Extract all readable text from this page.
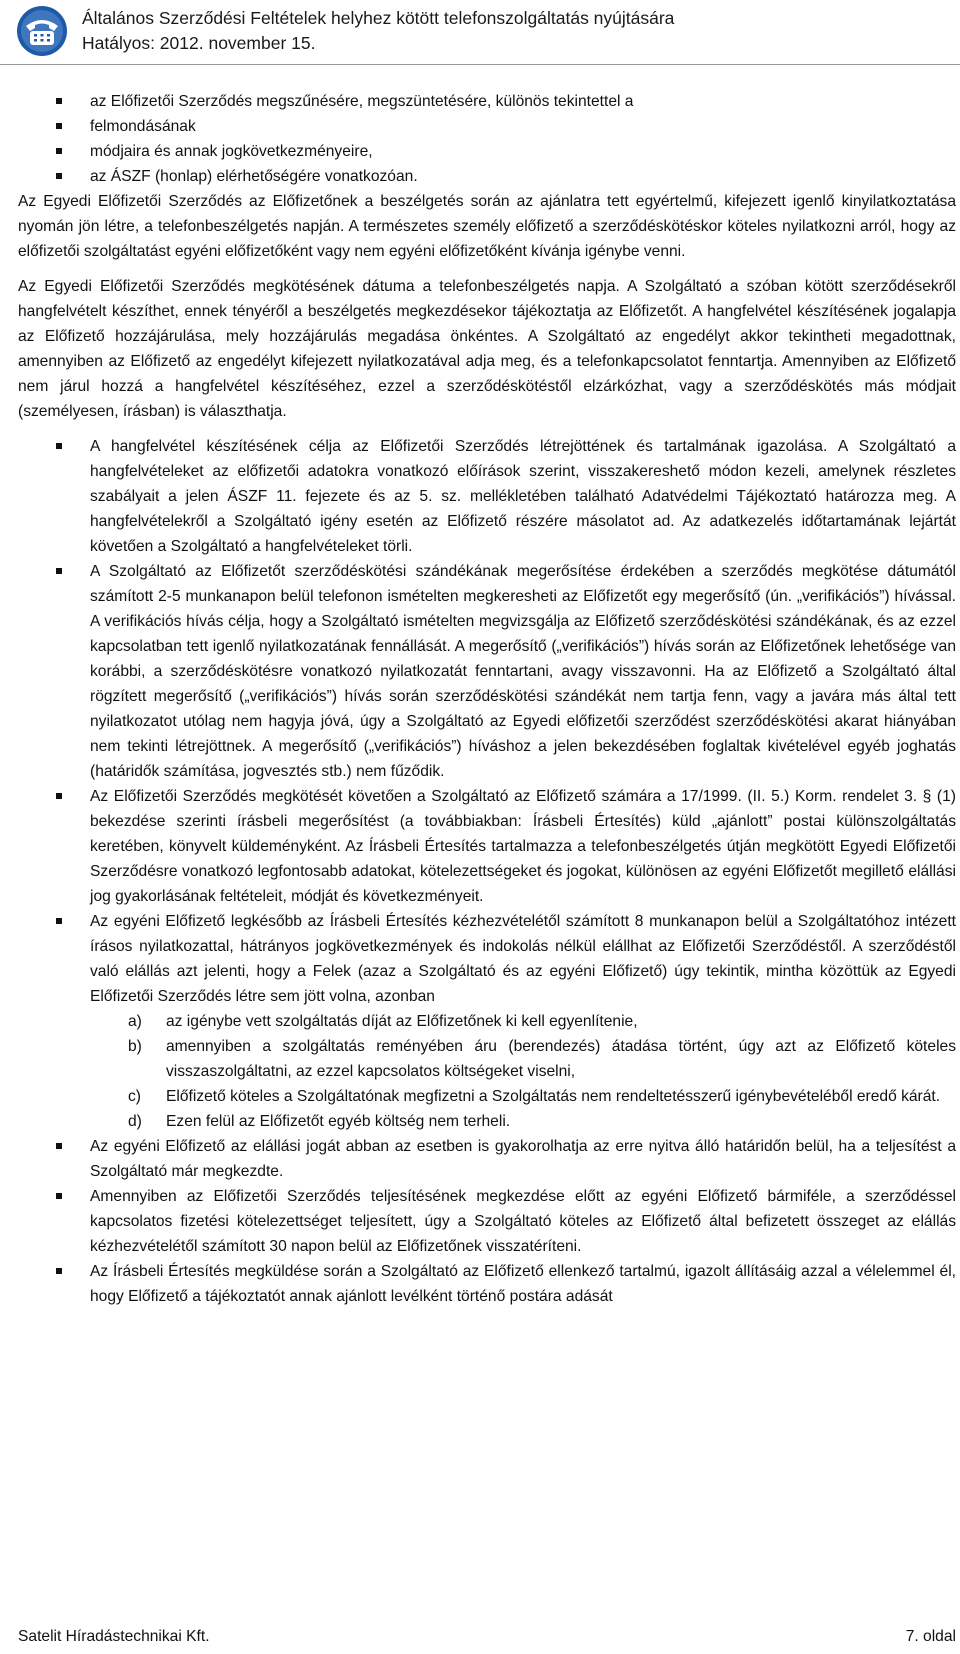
Általános Szerződési Feltételek helyhez kötött telefonszolgáltatás nyújtására
Hatályos: 2012. november 15.
az Előfizetői Szerződés megszűnésére, megszüntetésére, különös tekintettel a
felmondásának
módjaira és annak jogkövetkezményeire,
az ÁSZF (honlap) elérhetőségére vonatkozóan.

Az Egyedi Előfizetői Szerződés az Előfizetőnek a beszélgetés során az ajánlatra tett egyértelmű, kifejezett igenlő kinyilatkoztatása nyomán jön létre, a telefonbeszélgetés napján. A természetes személy előfizető a szerződéskötéskor köteles nyilatkozni arról, hogy az előfizetői szolgáltatást egyéni előfizetőként vagy nem egyéni előfizetőként kívánja igénybe venni.

Az Egyedi Előfizetői Szerződés megkötésének dátuma a telefonbeszélgetés napja. A Szolgáltató a szóban kötött szerződésekről hangfelvételt készíthet, ennek tényéről a beszélgetés megkezdésekor tájékoztatja az Előfizetőt. A hangfelvétel készítésének jogalapja az Előfizető hozzájárulása, mely hozzájárulás megadása önkéntes. A Szolgáltató az engedélyt akkor tekintheti megadottnak, amennyiben az Előfizető az engedélyt kifejezett nyilatkozatával adja meg, és a telefonkapcsolatot fenntartja. Amennyiben az Előfizető nem járul hozzá a hangfelvétel készítéséhez, ezzel a szerződéskötéstől elzárkózhat, vagy a szerződéskötés más módjait (személyesen, írásban) is választhatja.

A hangfelvétel készítésének célja az Előfizetői Szerződés létrejöttének és tartalmának igazolása. A Szolgáltató a hangfelvételeket az előfizetői adatokra vonatkozó előírások szerint, visszakereshető módon kezeli, amelynek részletes szabályait a jelen ÁSZF 11. fejezete és az 5. sz. mellékletében található Adatvédelmi Tájékoztató határozza meg. A hangfelvételekről a Szolgáltató igény esetén az Előfizető részére másolatot ad. Az adatkezelés időtartamának lejártát követően a Szolgáltató a hangfelvételeket törli.
A Szolgáltató az Előfizetőt szerződéskötési szándékának megerősítése érdekében a szerződés megkötése dátumától számított 2-5 munkanapon belül telefonon ismételten megkeresheti az Előfizetőt egy megerősítő (ún. „verifikációs”) hívással. A verifikációs hívás célja, hogy a Szolgáltató ismételten megvizsgálja az Előfizető szerződéskötési szándékának, és az ezzel kapcsolatban tett igenlő nyilatkozatának fennállását. A megerősítő („verifikációs”) hívás során az Előfizetőnek lehetősége van korábbi, a szerződéskötésre vonatkozó nyilatkozatát fenntartani, avagy visszavonni. Ha az Előfizető a Szolgáltató által rögzített megerősítő („verifikációs”) hívás során szerződéskötési szándékát nem tartja fenn, vagy a javára más által tett nyilatkozatot utólag nem hagyja jóvá, úgy a Szolgáltató az Egyedi előfizetői szerződést szerződéskötési akarat hiányában nem tekinti létrejöttnek. A megerősítő („verifikációs”) híváshoz a jelen bekezdésében foglaltak kivételével egyéb joghatás (határidők számítása, jogvesztés stb.) nem fűződik.
Az Előfizetői Szerződés megkötését követően a Szolgáltató az Előfizető számára a 17/1999. (II. 5.) Korm. rendelet 3. § (1) bekezdése szerinti írásbeli megerősítést (a továbbiakban: Írásbeli Értesítés) küld „ajánlott” postai különszolgáltatás keretében, könyvelt küldeményként. Az Írásbeli Értesítés tartalmazza a telefonbeszélgetés útján megkötött Egyedi Előfizetői Szerződésre vonatkozó legfontosabb adatokat, kötelezettségeket és jogokat, különösen az egyéni Előfizetőt megillető elállási jog gyakorlásának feltételeit, módját és következményeit.
Az egyéni Előfizető legkésőbb az Írásbeli Értesítés kézhezvételétől számított 8 munkanapon belül a Szolgáltatóhoz intézett írásos nyilatkozattal, hátrányos jogkövetkezmények és indokolás nélkül elállhat az Előfizetői Szerződéstől. A szerződéstől való elállás azt jelenti, hogy a Felek (azaz a Szolgáltató és az egyéni Előfizető) úgy tekintik, mintha közöttük az Egyedi Előfizetői Szerződés létre sem jött volna, azonban
a) az igénybe vett szolgáltatás díját az Előfizetőnek ki kell egyenlítenie,
b) amennyiben a szolgáltatás reményében áru (berendezés) átadása történt, úgy azt az Előfizető köteles visszaszolgáltatni, az ezzel kapcsolatos költségeket viselni,
c) Előfizető köteles a Szolgáltatónak megfizetni a Szolgáltatás nem rendeltetésszerű igénybevételéből eredő kárát.
d) Ezen felül az Előfizetőt egyéb költség nem terheli.
Az egyéni Előfizető az elállási jogát abban az esetben is gyakorolhatja az erre nyitva álló határidőn belül, ha a teljesítést a Szolgáltató már megkezdte.
Amennyiben az Előfizetői Szerződés teljesítésének megkezdése előtt az egyéni Előfizető bármiféle, a szerződéssel kapcsolatos fizetési kötelezettséget teljesített, úgy a Szolgáltató köteles az Előfizető által befizetett összeget az elállás kézhezvételétől számított 30 napon belül az Előfizetőnek visszatéríteni.
Az Írásbeli Értesítés megküldése során a Szolgáltató az Előfizető ellenkező tartalmú, igazolt állításáig azzal a vélelemmel él, hogy Előfizető a tájékoztatót annak ajánlott levélként történő postára adását
Satelit Híradástechnikai Kft.	7. oldal
